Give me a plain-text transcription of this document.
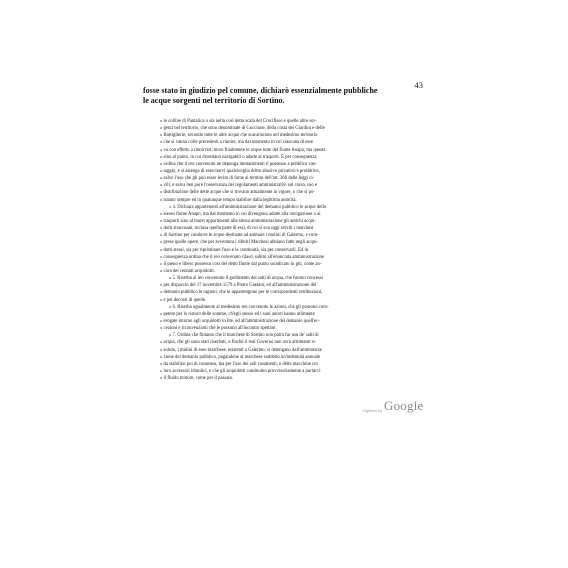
43
fosse stato in giudizio pel comune, dichiarò essenzialmente pubbliche
le acque sorgenti nel territorio di Sortino.
» le colline di Pantalica o sia nella così detta scala del Crocifisso e quelle altre sor-
» genti nel territorio, che sono denominate di Guccione, della costa dei Giardini e delle
» Bottiglierie; secondo tutte le altre acque che scaturiscono nel medesimo territorio
» che si vanno colle precedenti a riunire, ma dal momento in cui ciascuna di esse
» va con effetto a riunirvisi; terzo finalmente le acque tutte del fiume Anapo, ma questa
» sino al punto, in cui diventano navigabili o adatte ai trasporti. E per conseguenza
» ordina che il reo convenuto ne deponga immantinenti il possesso a pubblico van-
» taggio, e si astenga di esercitarvi qualsivoglia dritto abusivo privativo e proibitivo,
» salvo l'uso che gli può esser lecito di farne ai termini dell'art. 366 delle leggi ci-
» vili, e salva ben pure l'osservanza dei regolamenti amministrativi sul corso, uso e
» distribuzione delle dette acque che si trovano attualmente in vigore, o che si po-
» tranno sempre ed in qualunque tempo stabilire dalla legittima autorità.
» 4. Dichiara appartenenti all'amministrazione del demanio pubblico le acque dello
» stesso fiume Anapo, ma dal momento in cui divengono adatte alla navigazione o ai
» trasporti sino al mare; appartenenti alla stessa amministrazione gli antichi acqui-
» dotti siracusani, inclusa quella parte di essi, di cui si son oggi serviti i marchesi
» di Sortino per condurre le acque destinate ad animare i mulini di Galermo, e com-
» prese quelle opere, che per avventura i riferiti Marchesi abbiano fatte negli acqui-
» dotti stessi, sia per ripristinare l'uso e la continuità, sia per conservarli. Ed in
» conseguenza ordina che il reo convenuto rilasci subito all'enunciata amministrazione
» il pieno e libero possesso così del detto fiume dal punto suindicato in giù, come an-
» cora dei cennati acquidotti.
» 5. Riserba al reo convenuto il godimento dei salti di acqua, che furono concessi
» per dispaccio del 17 novembre 1579 a Pietro Gaetani; ed all'amministrazione del
» demanio pubblico le ragioni, che le appartengono per le corrispondenti retribuzioni,
» e pei decorsi di quelle.
» 6. Riserba ugualmente al medesimo reo convenuto le azioni, che gli possono com-
» petere per lo ristoro delle somme, ch'egli stesso ed i suoi autori hanno utilmente
» erogate intorno agli acquidotti in lite, ed all'amministrazione del demanio quell'ec-
» cezioni e riconvenzioni che le possono all'incontro spettare.
» 7. Ordina che fintanto che il marchese di Sortino non potrà far uso de' salti di
» acqua, che gli sono stati riserbati, o finchè il real Governo non avrà altrimenti ri-
» soluto, i mulini di esso marchese, esistenti a Galermo, si detengano dall'amministra-
» zione del demanio pubblico, pagandone al marchese suddetto un'indennità annuale
» da stabilirsi poi di consenso, ma per l'uso dei soli casamenti, e delle macchine cui
» loro accessori idraulici, e che gli acquidotti continuino provvisoriamente a portarvi
» il fluido motore, come per il passato.
Digitized by Google
